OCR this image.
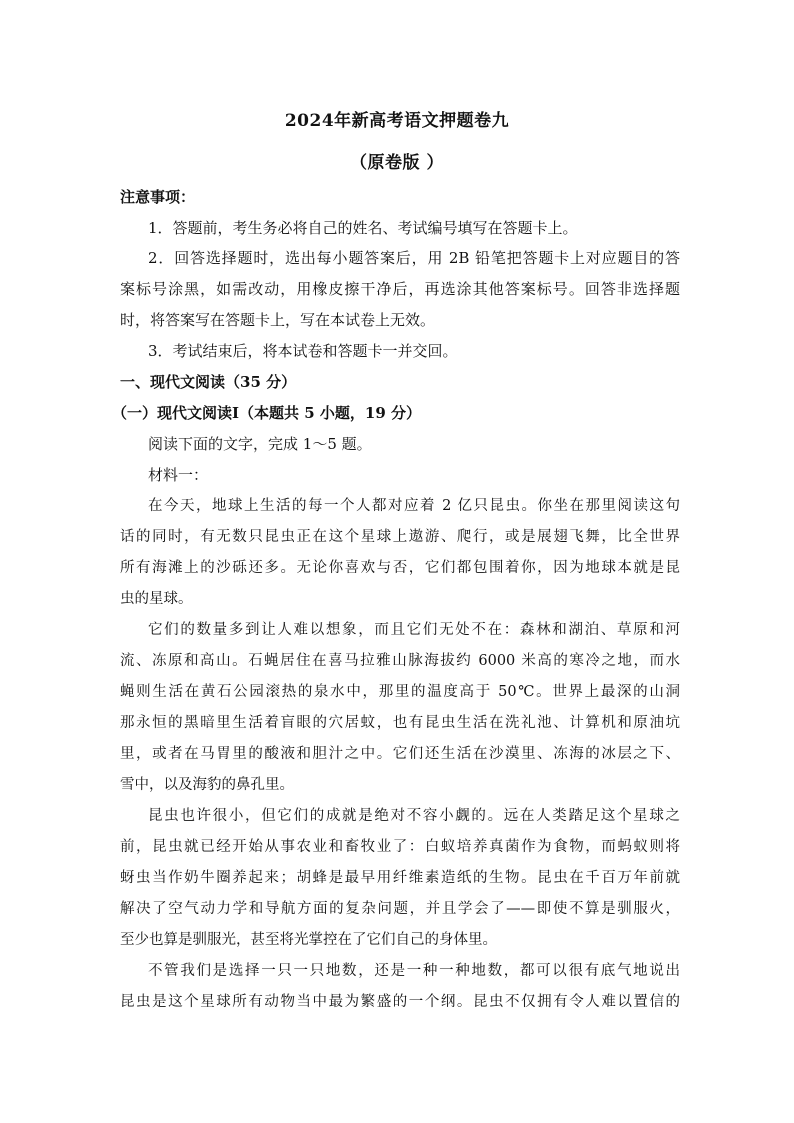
2024年新高考语文押题卷九
（原卷版 ）
注意事项：
1．答题前，考生务必将自己的姓名、考试编号填写在答题卡上。
2．回答选择题时，选出每小题答案后，用 2B 铅笔把答题卡上对应题目的答
案标号涂黑，如需改动，用橡皮擦干净后，再选涂其他答案标号。回答非选择题
时，将答案写在答题卡上，写在本试卷上无效。
3．考试结束后，将本试卷和答题卡一并交回。
一、现代文阅读（35 分）
（一）现代文阅读Ⅰ（本题共 5 小题，19 分）
阅读下面的文字，完成 1～5 题。
材料一：
在今天，地球上生活的每一个人都对应着 2 亿只昆虫。你坐在那里阅读这句
话的同时，有无数只昆虫正在这个星球上遨游、爬行，或是展翅飞舞，比全世界
所有海滩上的沙砾还多。无论你喜欢与否，它们都包围着你，因为地球本就是昆
虫的星球。
它们的数量多到让人难以想象，而且它们无处不在：森林和湖泊、草原和河
流、冻原和高山。石蝇居住在喜马拉雅山脉海拔约 6000 米高的寒冷之地，而水
蝇则生活在黄石公园滚热的泉水中，那里的温度高于 50℃。世界上最深的山洞
那永恒的黑暗里生活着盲眼的穴居蚊，也有昆虫生活在洗礼池、计算机和原油坑
里，或者在马胃里的酸液和胆汁之中。它们还生活在沙漠里、冻海的冰层之下、
雪中，以及海豹的鼻孔里。
昆虫也许很小，但它们的成就是绝对不容小觑的。远在人类踏足这个星球之
前，昆虫就已经开始从事农业和畜牧业了：白蚁培养真菌作为食物，而蚂蚁则将
蚜虫当作奶牛圈养起来；胡蜂是最早用纤维素造纸的生物。昆虫在千百万年前就
解决了空气动力学和导航方面的复杂问题，并且学会了——即使不算是驯服火，
至少也算是驯服光，甚至将光掌控在了它们自己的身体里。
不管我们是选择一只一只地数，还是一种一种地数，都可以很有底气地说出
昆虫是这个星球所有动物当中最为繁盛的一个纲。昆虫不仅拥有令人难以置信的
